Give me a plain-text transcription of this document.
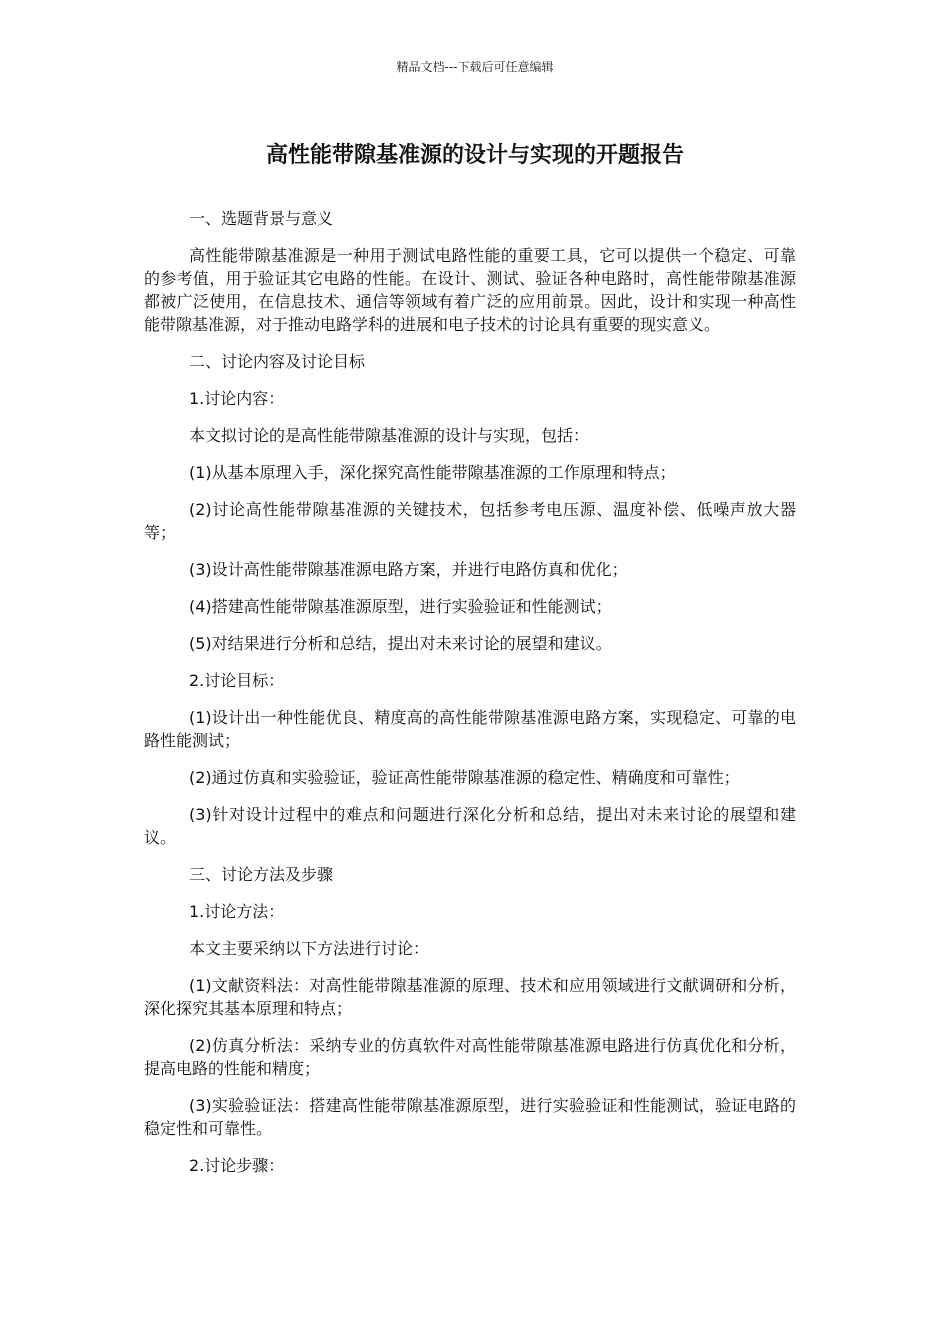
精品文档---下载后可任意编辑
高性能带隙基准源的设计与实现的开题报告

一、选题背景与意义

高性能带隙基准源是一种用于测试电路性能的重要工具，它可以提供一个稳定、可靠的参考值，用于验证其它电路的性能。在设计、测试、验证各种电路时，高性能带隙基准源都被广泛使用，在信息技术、通信等领域有着广泛的应用前景。因此，设计和实现一种高性能带隙基准源，对于推动电路学科的进展和电子技术的讨论具有重要的现实意义。

二、讨论内容及讨论目标

1.讨论内容：

本文拟讨论的是高性能带隙基准源的设计与实现，包括：

(1)从基本原理入手，深化探究高性能带隙基准源的工作原理和特点；

(2)讨论高性能带隙基准源的关键技术，包括参考电压源、温度补偿、低噪声放大器等；

(3)设计高性能带隙基准源电路方案，并进行电路仿真和优化；

(4)搭建高性能带隙基准源原型，进行实验验证和性能测试；

(5)对结果进行分析和总结，提出对未来讨论的展望和建议。

2.讨论目标：

(1)设计出一种性能优良、精度高的高性能带隙基准源电路方案，实现稳定、可靠的电路性能测试；

(2)通过仿真和实验验证，验证高性能带隙基准源的稳定性、精确度和可靠性；

(3)针对设计过程中的难点和问题进行深化分析和总结，提出对未来讨论的展望和建议。

三、讨论方法及步骤

1.讨论方法：

本文主要采纳以下方法进行讨论：

(1)文献资料法：对高性能带隙基准源的原理、技术和应用领域进行文献调研和分析，深化探究其基本原理和特点；

(2)仿真分析法：采纳专业的仿真软件对高性能带隙基准源电路进行仿真优化和分析，提高电路的性能和精度；

(3)实验验证法：搭建高性能带隙基准源原型，进行实验验证和性能测试，验证电路的稳定性和可靠性。

2.讨论步骤：
